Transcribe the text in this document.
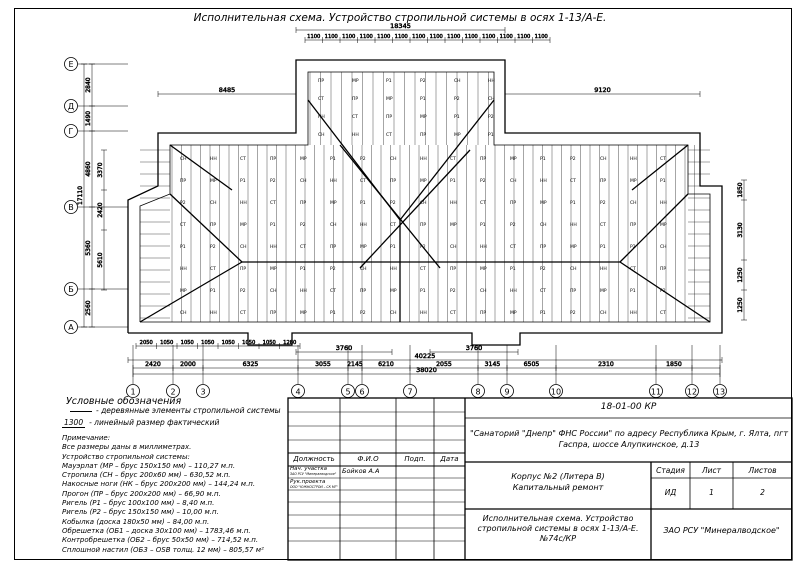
Исполнительная схема. Устройство стропильной системы в осях 1-13/А-Е.
СН	НН	СТ	ПР	МР	Р1	Р2	СН	НН	СТ	ПР	МР	Р1	Р2	СН	НН	СТ
ПР	МР	Р1	Р2	СН	НН	СТ	ПР	МР	Р1	Р2	СН	НН	СТ	ПР	МР	Р1
Р2	СН	НН	СТ	ПР	МР	Р1	Р2	СН	НН	СТ	ПР	МР	Р1	Р2	СН	НН
СТ	ПР	МР	Р1	Р2	СН	НН	СТ	ПР	МР	Р1	Р2	СН	НН	СТ	ПР	МР
Р1	Р2	СН	НН	СТ	ПР	МР	Р1	Р2	СН	НН	СТ	ПР	МР	Р1	Р2	СН
НН	СТ	ПР	МР	Р1	Р2	СН	НН	СТ	ПР	МР	Р1	Р2	СН	НН	СТ	ПР
МР	Р1	Р2	СН	НН	СТ	ПР	МР	Р1	Р2	СН	НН	СТ	ПР	МР	Р1	Р2
СН	НН	СТ	ПР	МР	Р1	Р2	СН	НН	СТ	ПР	МР	Р1	Р2	СН	НН	СТ
ПР	МР	Р1	Р2	СН	НН
СТ	ПР	МР	Р1	Р2	СН
НН	СТ	ПР	МР	Р1	Р2
СН	НН	СТ	ПР	МР	Р1
18345
1100 1100 1100 1100 1100 1100 1100 1100 1100 1100 1100 1100 1100 1100
8485	9120
3760	3760
40225
38020
2420	2000	6325	3055	2145 6210	2055	3145	6505	2310	1850
2050 1050 1050 1050 1050 1050 1050 1280
2840
1490
4860
5360
2560
17110
3370
2420
5610
1850
3130
1250
1250
1	2	3	4	5 6	7	8	9	10	11	12 13
Е
Д
Г
В
Б
А
Условные обозначения
- деревянные элементы стропильной системы
1300 - линейный размер фактический
Примечание:
Все размеры даны в миллиметрах.
Устройство стропильной системы:
Мауэрлат (МР – брус 150х150 мм) – 110,27 м.п.
Стропила (СН – брус 200х60 мм) – 630,52 м.п.
Накосные ноги (НК – брус 200х200 мм) – 144,24 м.п.
Прогон (ПР – брус 200х200 мм) – 66,90 м.п.
Ригель (Р1 – брус 100х100 мм) – 8,40 м.п.
Ригель (Р2 – брус 150х150 мм) – 10,00 м.п.
Кобылка (доска 180х50 мм) – 84,00 м.п.
Обрешетка (ОБ1 – доска 30х100 мм) – 1783,46 м.п.
Контробрешетка (ОБ2 – брус 50х50 мм) – 714,52 м.п.
Сплошной настил (ОБ3 – OSB толщ. 12 мм) – 805,57 м²
18-01-00 КР
"Санаторий "Днепр" ФНС России" по адресу Республика Крым, г. Ялта, пгт Гаспра, шоссе Алупкинское, д.13
Корпус №2 (Литера В)
Капитальный ремонт
Исполнительная схема. Устройство стропильной системы в осях 1-13/А-Е. №74с/КР
ЗАО РСУ "Минералводское"
Стадия	Лист	Листов
ИД	1	2
Должность	Ф.И.О	Подп.	Дата
Нач. участка
ЗАО РСУ "Минералводское" Бойков А.А
Рук.проекта
ООО "ЮЖНОСТРОЙ – СК МГ"
